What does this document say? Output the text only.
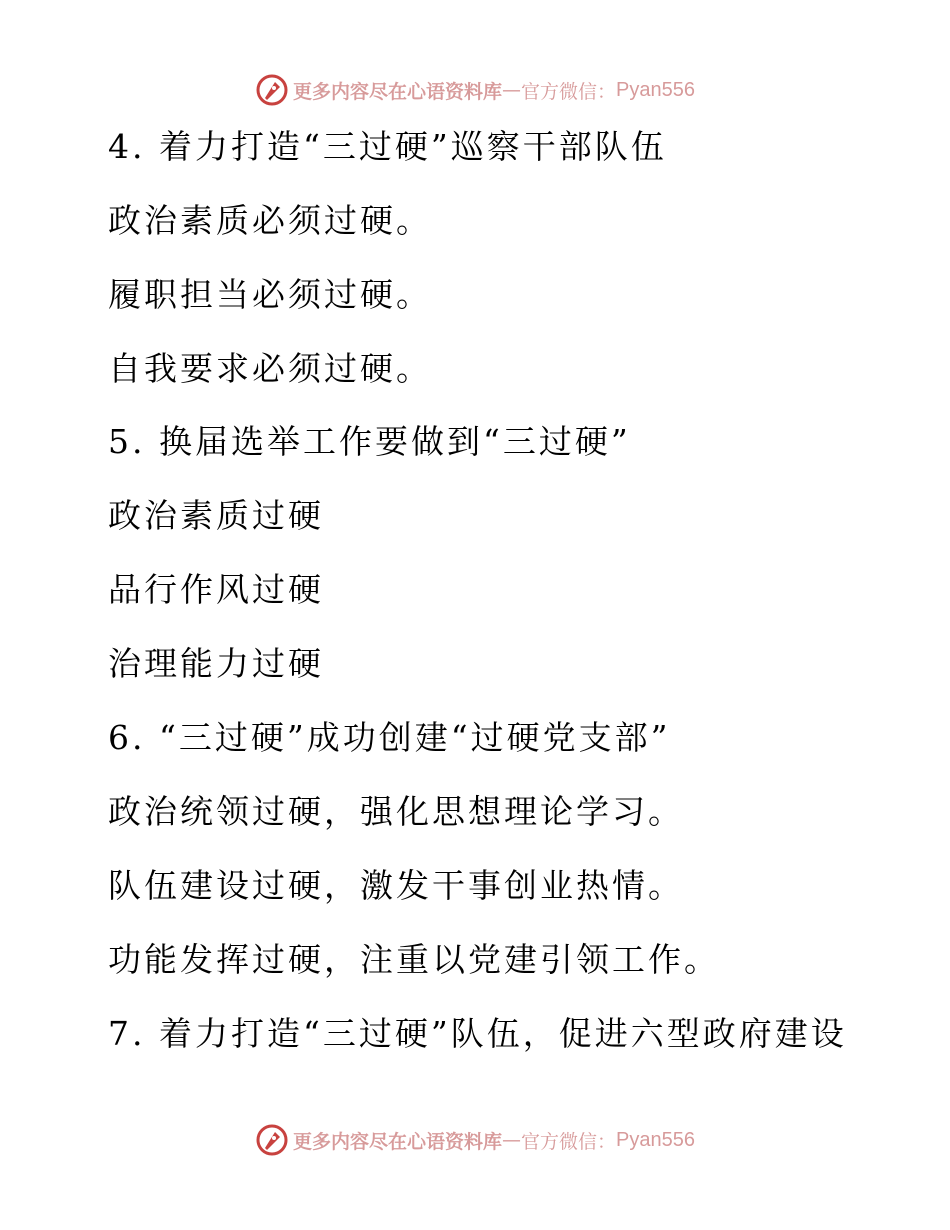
更多内容尽在心语资料库 — 官方微信： Pyan556
4. 着力打造“三过硬”巡察干部队伍
政治素质必须过硬。
履职担当必须过硬。
自我要求必须过硬。
5. 换届选举工作要做到“三过硬”
政治素质过硬
品行作风过硬
治理能力过硬
6. “三过硬”成功创建“过硬党支部”
政治统领过硬，强化思想理论学习。
队伍建设过硬，激发干事创业热情。
功能发挥过硬，注重以党建引领工作。
7. 着力打造“三过硬”队伍，促进六型政府建设
更多内容尽在心语资料库 — 官方微信： Pyan556
